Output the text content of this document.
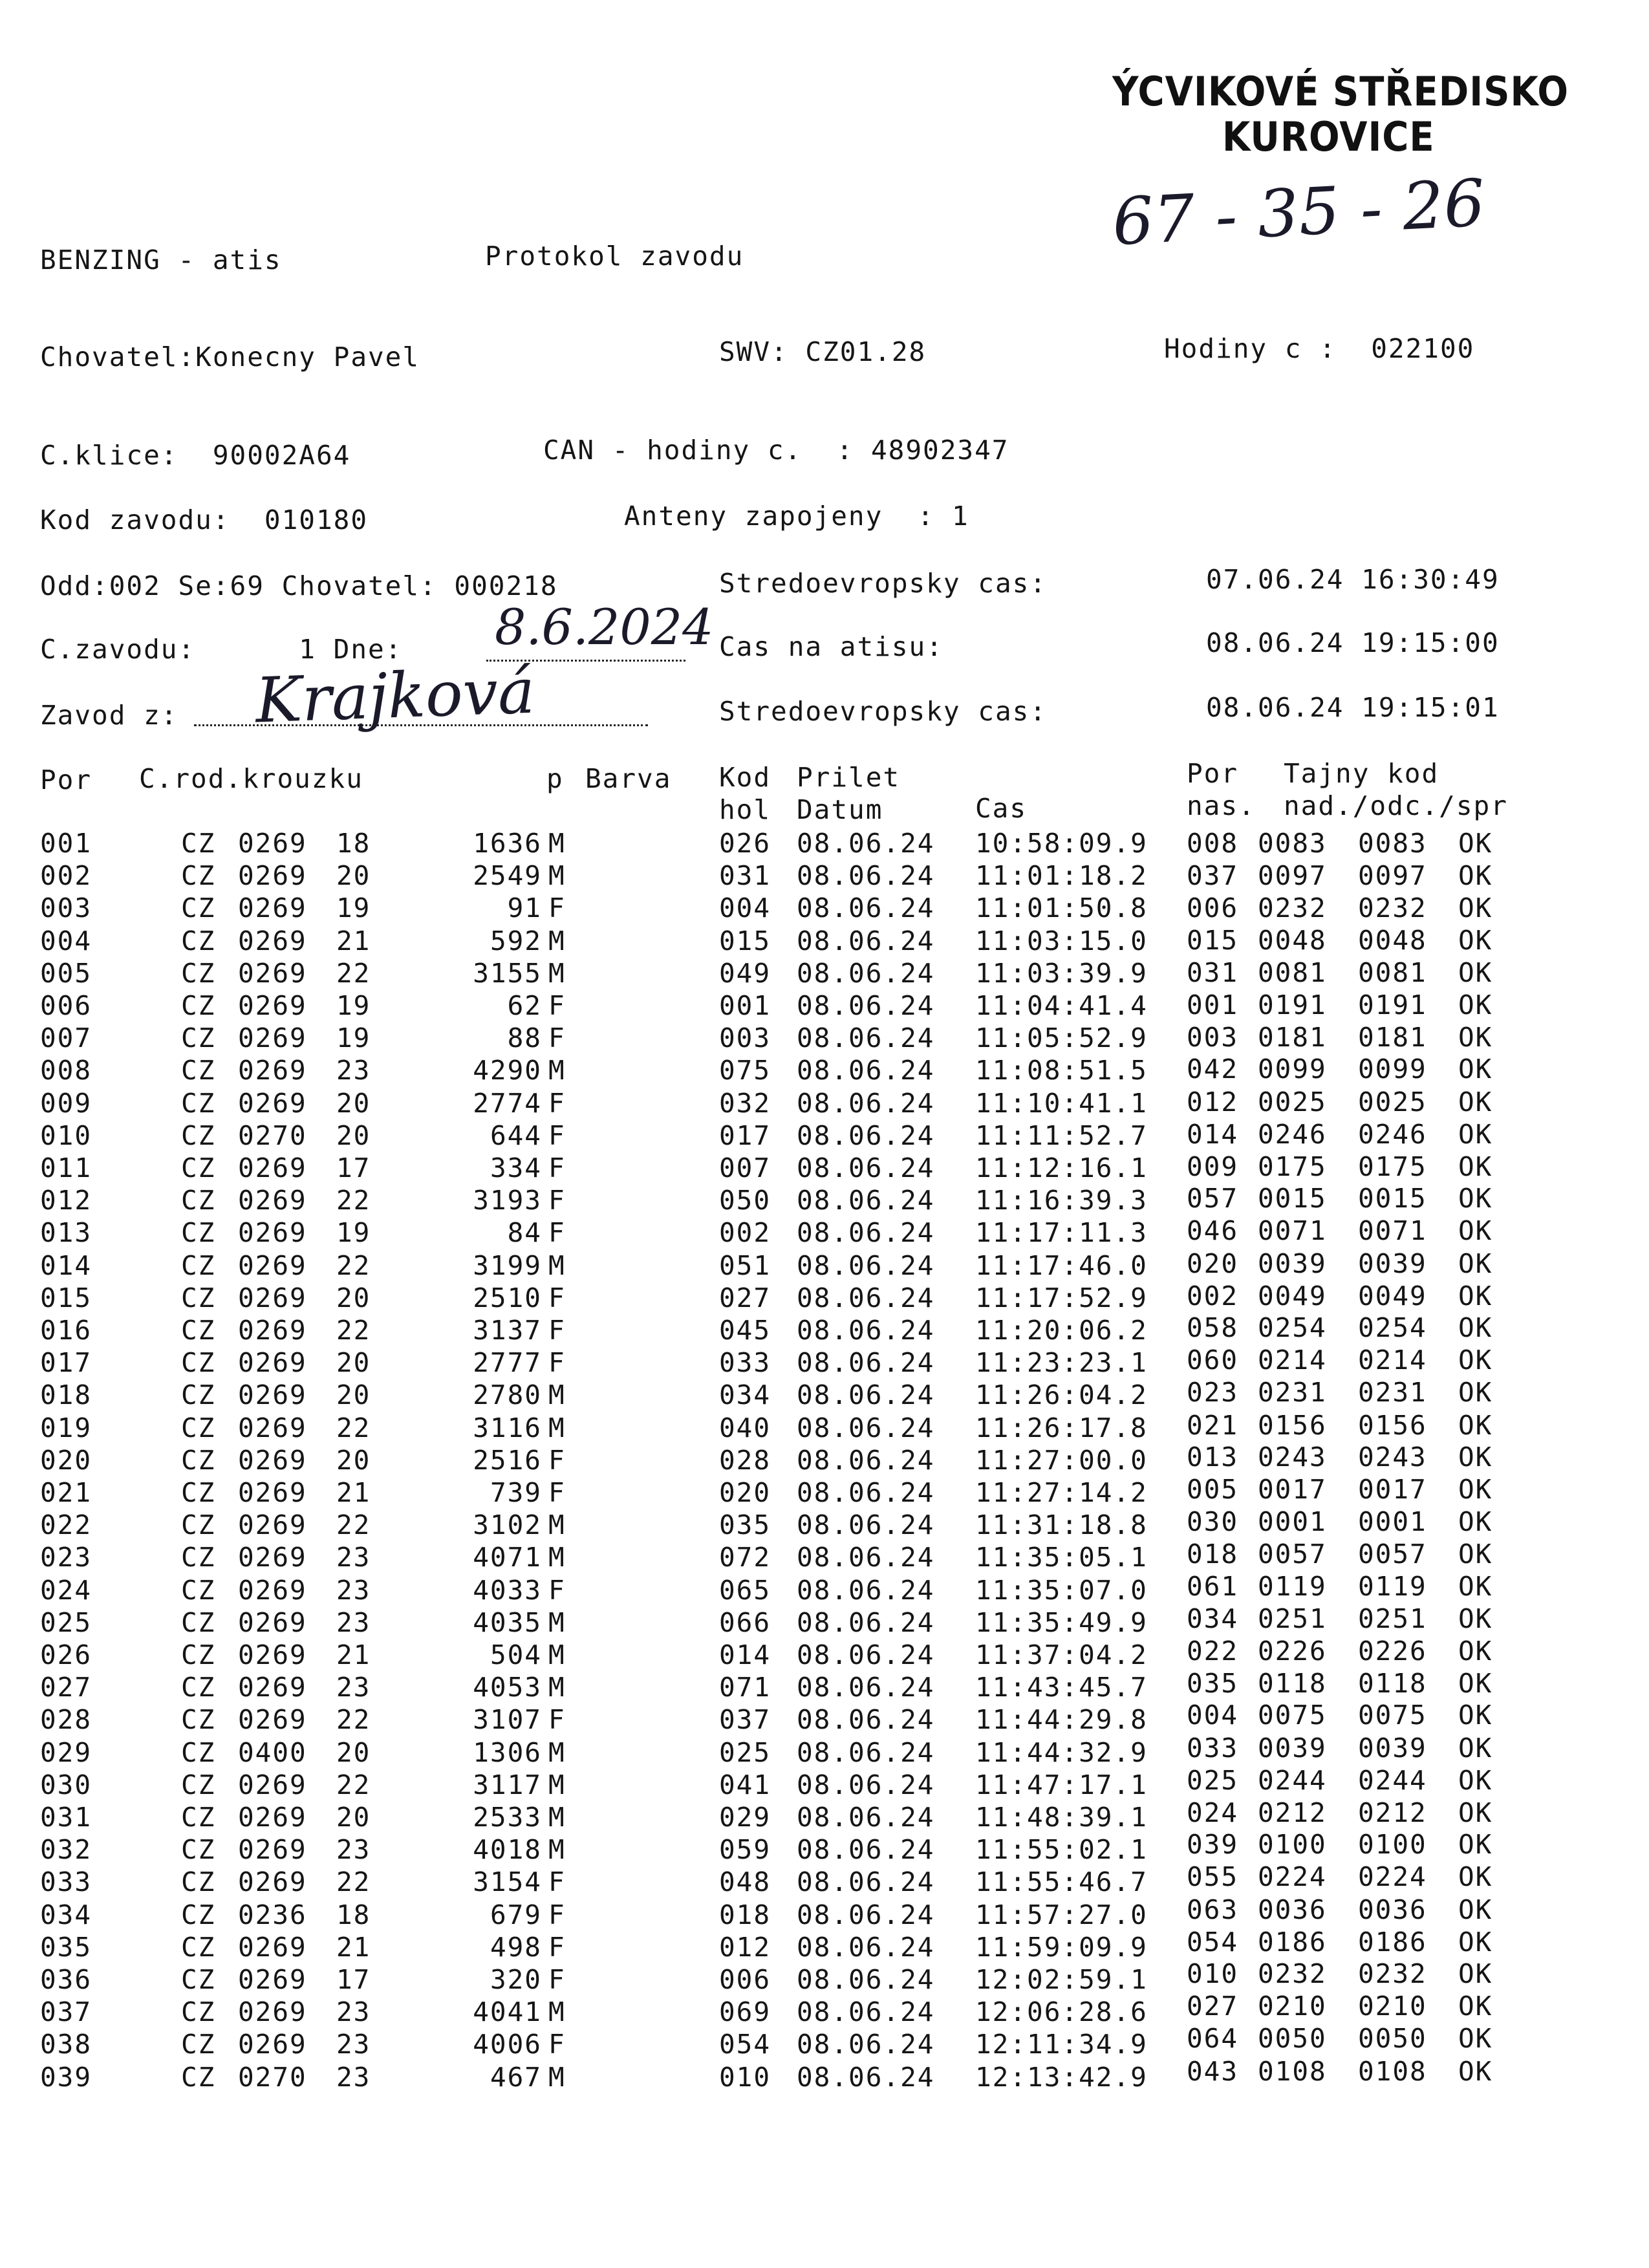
ÝCVIKOVÉ STŘEDISKO
KUROVICE
67 - 35 - 26
BENZING - atis	Protokol zavodu
Chovatel:Konecny Pavel	SWV: CZ01.28	Hodiny c :  022100
C.klice:  90002A64	CAN - hodiny c.  : 48902347
Kod zavodu:  010180	Anteny zapojeny  : 1
Odd:002 Se:69 Chovatel: 000218	Stredoevropsky cas:	07.06.24 16:30:49
C.zavodu:      1 Dne: 8.6.2024 Cas na atisu:	08.06.24 19:15:00
Zavod z: Krajková	Stredoevropsky cas:	08.06.24 19:15:01
Por C.rod.krouzku	p Barva Kod Prilet	Por Tajny kod
hol Datum	Cas	nas. nad./odc./spr
001	CZ 0269 18	1636 M	026 08.06.24 10:58:09.9 008 0083 0083 OK
002	CZ 0269 20	2549 M	031 08.06.24 11:01:18.2 037 0097 0097 OK
003	CZ 0269 19	91 F	004 08.06.24 11:01:50.8 006 0232 0232 OK
004	CZ 0269 21	592 M	015 08.06.24 11:03:15.0 015 0048 0048 OK
005	CZ 0269 22	3155 M	049 08.06.24 11:03:39.9 031 0081 0081 OK
006	CZ 0269 19	62 F	001 08.06.24 11:04:41.4 001 0191 0191 OK
007	CZ 0269 19	88 F	003 08.06.24 11:05:52.9 003 0181 0181 OK
008	CZ 0269 23	4290 M	075 08.06.24 11:08:51.5 042 0099 0099 OK
009	CZ 0269 20	2774 F	032 08.06.24 11:10:41.1 012 0025 0025 OK
010	CZ 0270 20	644 F	017 08.06.24 11:11:52.7 014 0246 0246 OK
011	CZ 0269 17	334 F	007 08.06.24 11:12:16.1 009 0175 0175 OK
012	CZ 0269 22	3193 F	050 08.06.24 11:16:39.3 057 0015 0015 OK
013	CZ 0269 19	84 F	002 08.06.24 11:17:11.3 046 0071 0071 OK
014	CZ 0269 22	3199 M	051 08.06.24 11:17:46.0 020 0039 0039 OK
015	CZ 0269 20	2510 F	027 08.06.24 11:17:52.9 002 0049 0049 OK
016	CZ 0269 22	3137 F	045 08.06.24 11:20:06.2 058 0254 0254 OK
017	CZ 0269 20	2777 F	033 08.06.24 11:23:23.1 060 0214 0214 OK
018	CZ 0269 20	2780 M	034 08.06.24 11:26:04.2 023 0231 0231 OK
019	CZ 0269 22	3116 M	040 08.06.24 11:26:17.8 021 0156 0156 OK
020	CZ 0269 20	2516 F	028 08.06.24 11:27:00.0 013 0243 0243 OK
021	CZ 0269 21	739 F	020 08.06.24 11:27:14.2 005 0017 0017 OK
022	CZ 0269 22	3102 M	035 08.06.24 11:31:18.8 030 0001 0001 OK
023	CZ 0269 23	4071 M	072 08.06.24 11:35:05.1 018 0057 0057 OK
024	CZ 0269 23	4033 F	065 08.06.24 11:35:07.0 061 0119 0119 OK
025	CZ 0269 23	4035 M	066 08.06.24 11:35:49.9 034 0251 0251 OK
026	CZ 0269 21	504 M	014 08.06.24 11:37:04.2 022 0226 0226 OK
027	CZ 0269 23	4053 M	071 08.06.24 11:43:45.7 035 0118 0118 OK
028	CZ 0269 22	3107 F	037 08.06.24 11:44:29.8 004 0075 0075 OK
029	CZ 0400 20	1306 M	025 08.06.24 11:44:32.9 033 0039 0039 OK
030	CZ 0269 22	3117 M	041 08.06.24 11:47:17.1 025 0244 0244 OK
031	CZ 0269 20	2533 M	029 08.06.24 11:48:39.1 024 0212 0212 OK
032	CZ 0269 23	4018 M	059 08.06.24 11:55:02.1 039 0100 0100 OK
033	CZ 0269 22	3154 F	048 08.06.24 11:55:46.7 055 0224 0224 OK
034	CZ 0236 18	679 F	018 08.06.24 11:57:27.0 063 0036 0036 OK
035	CZ 0269 21	498 F	012 08.06.24 11:59:09.9 054 0186 0186 OK
036	CZ 0269 17	320 F	006 08.06.24 12:02:59.1 010 0232 0232 OK
037	CZ 0269 23	4041 M	069 08.06.24 12:06:28.6 027 0210 0210 OK
038	CZ 0269 23	4006 F	054 08.06.24 12:11:34.9 064 0050 0050 OK
039	CZ 0270 23	467 M	010 08.06.24 12:13:42.9 043 0108 0108 OK
